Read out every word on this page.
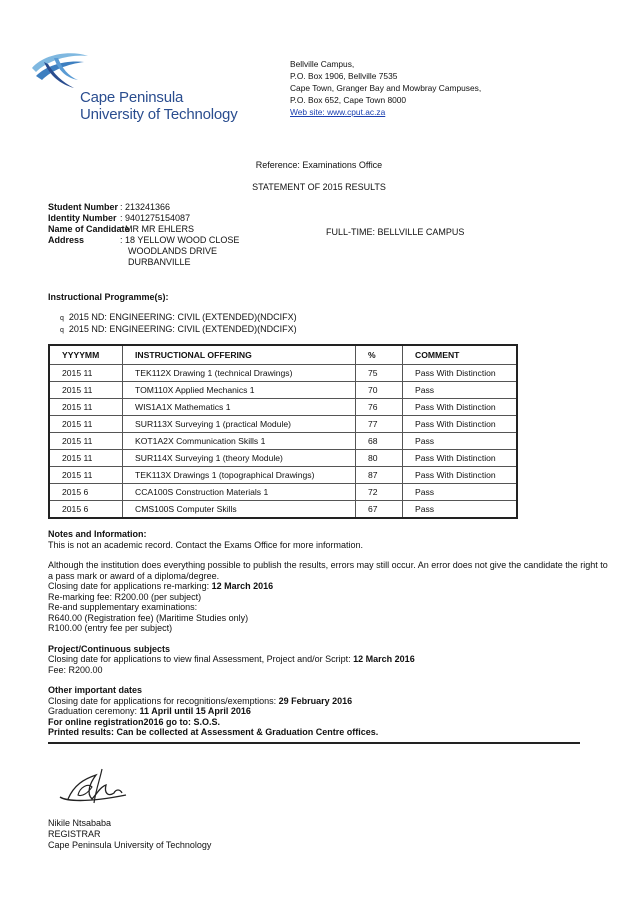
Cape Peninsula
University of Technology
Bellville Campus,
P.O. Box 1906, Bellville 7535
Cape Town, Granger Bay and Mowbray Campuses,
P.O. Box 652, Cape Town 8000
Web site: www.cput.ac.za
Reference: Examinations Office
STATEMENT OF 2015 RESULTS
Student Number : 213241366
Identity Number : 9401275154087
Name of Candidate
: MR MR EHLERS
Address	: 18 YELLOW WOOD CLOSE
WOODLANDS DRIVE
DURBANVILLE
FULL-TIME: BELLVILLE CAMPUS
Instructional Programme(s):
q 2015 ND: ENGINEERING: CIVIL (EXTENDED)(NDCIFX)
q 2015 ND: ENGINEERING: CIVIL (EXTENDED)(NDCIFX)
YYYYMM	INSTRUCTIONAL OFFERING	%	COMMENT
2015 11	TEK112X Drawing 1 (technical Drawings)	75	Pass With Distinction
2015 11	TOM110X Applied Mechanics 1	70	Pass
2015 11	WIS1A1X Mathematics 1	76	Pass With Distinction
2015 11	SUR113X Surveying 1 (practical Module)	77	Pass With Distinction
2015 11	KOT1A2X Communication Skills 1	68	Pass
2015 11	SUR114X Surveying 1 (theory Module)	80	Pass With Distinction
2015 11	TEK113X Drawings 1 (topographical Drawings)	87	Pass With Distinction
2015 6	CCA100S Construction Materials 1	72	Pass
2015 6	CMS100S Computer Skills	67	Pass

Notes and Information:

This is not an academic record. Contact the Exams Office for more information.

Although the institution does everything possible to publish the results, errors may still occur. An error does not give the candidate the right to a pass mark or award of a diploma/degree.

Closing date for applications re-marking: 12 March 2016

Re-marking fee: R200.00 (per subject)

Re-and supplementary examinations:

R640.00 (Registration fee) (Maritime Studies only)

R100.00 (entry fee per subject)

Project/Continuous subjects

Closing date for applications to view final Assessment, Project and/or Script: 12 March 2016

Fee: R200.00

Other important dates

Closing date for applications for recognitions/exemptions: 29 February 2016

Graduation ceremony: 11 April until 15 April 2016

For online registration2016 go to: S.O.S.

Printed results: Can be collected at Assessment & Graduation Centre offices.

Nikile Ntsababa
REGISTRAR
Cape Peninsula University of Technology
